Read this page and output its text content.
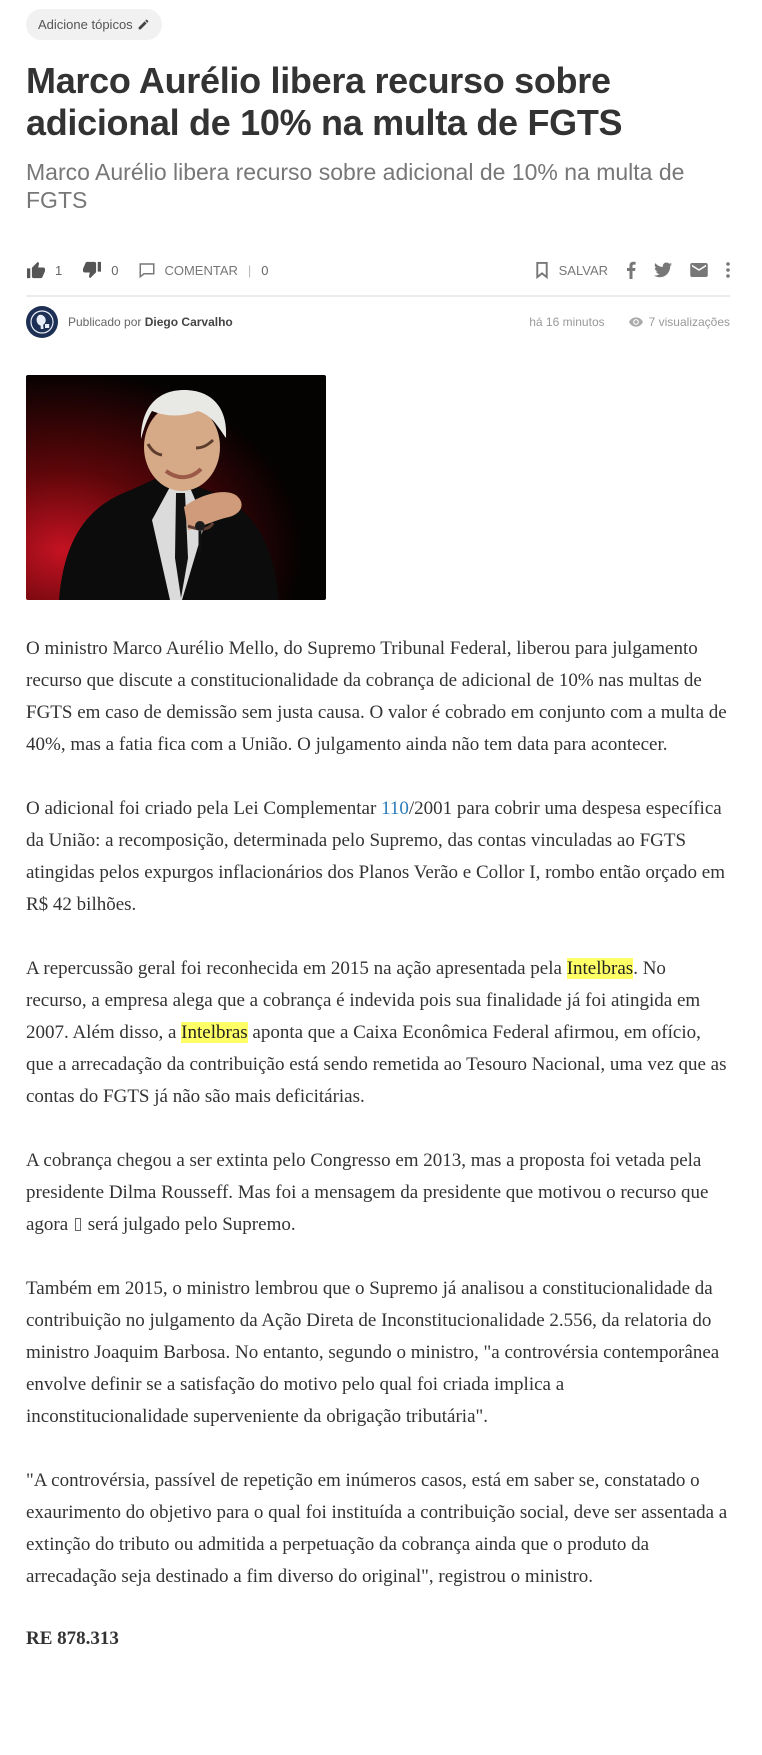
Adicione tópicos
Marco Aurélio libera recurso sobre adicional de 10% na multa de FGTS
Marco Aurélio libera recurso sobre adicional de 10% na multa de FGTS
1	0	COMENTAR | 0	SALVAR
Publicado por Diego Carvalho	há 16 minutos	7 visualizações

O ministro Marco Aurélio Mello, do Supremo Tribunal Federal, liberou para julgamento recurso que discute a constitucionalidade da cobrança de adicional de 10% nas multas de FGTS em caso de demissão sem justa causa. O valor é cobrado em conjunto com a multa de 40%, mas a fatia fica com a União. O julgamento ainda não tem data para acontecer.

O adicional foi criado pela Lei Complementar 110/2001 para cobrir uma despesa específica da União: a recomposição, determinada pelo Supremo, das contas vinculadas ao FGTS atingidas pelos expurgos inflacionários dos Planos Verão e Collor I, rombo então orçado em R$ 42 bilhões.

A repercussão geral foi reconhecida em 2015 na ação apresentada pela Intelbras. No recurso, a empresa alega que a cobrança é indevida pois sua finalidade já foi atingida em 2007. Além disso, a Intelbras aponta que a Caixa Econômica Federal afirmou, em ofício, que a arrecadação da contribuição está sendo remetida ao Tesouro Nacional, uma vez que as contas do FGTS já não são mais deficitárias.

A cobrança chegou a ser extinta pelo Congresso em 2013, mas a proposta foi vetada pela presidente Dilma Rousseff. Mas foi a mensagem da presidente que motivou o recurso que agora  será julgado pelo Supremo.

Também em 2015, o ministro lembrou que o Supremo já analisou a constitucionalidade da contribuição no julgamento da Ação Direta de Inconstitucionalidade 2.556, da relatoria do ministro Joaquim Barbosa. No entanto, segundo o ministro, "a controvérsia contemporânea envolve definir se a satisfação do motivo pelo qual foi criada implica a inconstitucionalidade superveniente da obrigação tributária".

"A controvérsia, passível de repetição em inúmeros casos, está em saber se, constatado o exaurimento do objetivo para o qual foi instituída a contribuição social, deve ser assentada a extinção do tributo ou admitida a perpetuação da cobrança ainda que o produto da arrecadação seja destinado a fim diverso do original", registrou o ministro.

RE 878.313
